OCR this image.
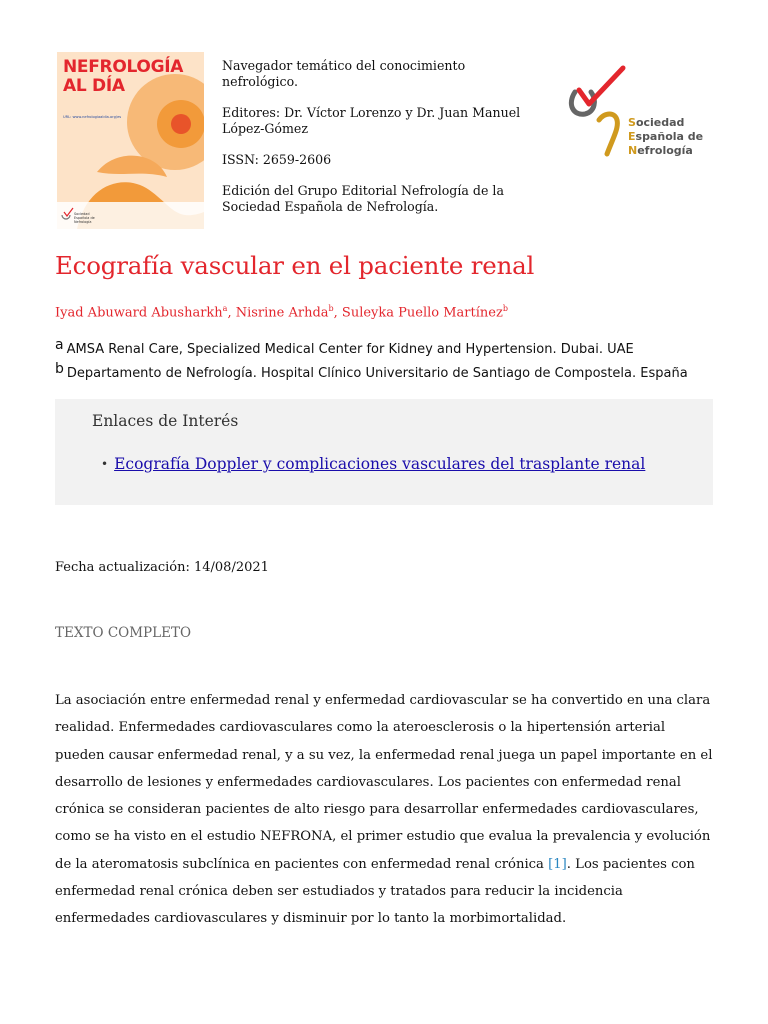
NEFROLOGÍA
AL DÍA
URL: www.nefrologiaaldia.org/es
Sociedad
Española de
Nefrología

Navegador temático del conocimiento nefrológico.

Editores: Dr. Víctor Lorenzo y Dr. Juan Manuel López-Gómez

ISSN: 2659-2606

Edición del Grupo Editorial Nefrología de la Sociedad Española de Nefrología.

Sociedad
Española de
Nefrología
Ecografía vascular en el paciente renal
Iyad Abuward Abusharkh$^a$, Nisrine Arhda$^b$, Suleyka Puello Martínez$^b$
$^a$ AMSA Renal Care, Specialized Medical Center for Kidney and Hypertension. Dubai. UAE
$^b$ Departamento de Nefrología. Hospital Clínico Universitario de Santiago de Compostela. España
Enlaces de Interés
• Ecografía Doppler y complicaciones vasculares del trasplante renal
Fecha actualización: 14/08/2021
TEXTO COMPLETO
La asociación entre enfermedad renal y enfermedad cardiovascular se ha convertido en una clara realidad. Enfermedades cardiovasculares como la ateroesclerosis o la hipertensión arterial pueden causar enfermedad renal, y a su vez, la enfermedad renal juega un papel importante en el desarrollo de lesiones y enfermedades cardiovasculares. Los pacientes con enfermedad renal crónica se consideran pacientes de alto riesgo para desarrollar enfermedades cardiovasculares, como se ha visto en el estudio NEFRONA, el primer estudio que evalua la prevalencia y evolución de la ateromatosis subclínica en pacientes con enfermedad renal crónica [1]. Los pacientes con enfermedad renal crónica deben ser estudiados y tratados para reducir la incidencia enfermedades cardiovasculares y disminuir por lo tanto la morbimortalidad.
